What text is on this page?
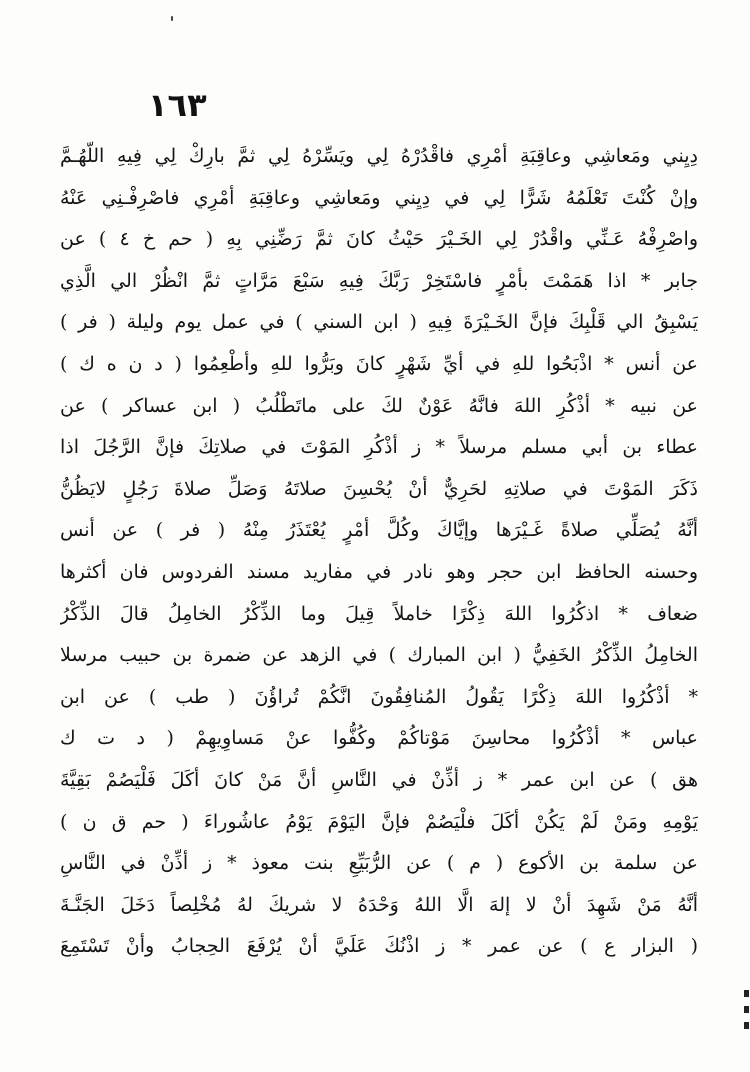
١٦٣
دِيِني ومَعاشِي وعاقِبَةِ أمْرِي فاقْدُرْهُ لِي ويَسِّرْهُ لِي ثمَّ بارِكْ لِي فِيهِ اللّهُـمَّ
وإنْ كُنْتَ تَعْلَمُهُ شَرًّا لِي في دِيِني ومَعاشِي وعاقِبَةِ أمْرِي فاصْرِفْـنِي عَنْهُ
واصْرِفْهُ عَـنِّي واقْدُرْ لِي الخَـيْرَ حَيْثُ كانَ ثمَّ رَضِّنِي بِهِ ( حم خ ٤ ) عن
جابر * اذا هَمَمْتَ بأمْرٍ فاسْتَخِرْ رَبَّكَ فِيهِ سَبْعَ مَرَّاتٍ ثمَّ انْظُرْ الي الَّذِي
يَسْبِقُ الي قَلْبِكَ فإنَّ الخَـيْرَةَ فِيهِ ( ابن السني ) في عمل يوم وليلة ( فر )
عن أنس * اذْبَحُوا للهِ في أيِّ شَهْرٍ كانَ وبَرُّوا للهِ وأطْعِمُوا ( د ن ه ك )
عن نبيه * أذْكُرِ اللهَ فانَّهُ عَوْنٌ لكَ على ماتَطْلُبُ ( ابن عساكر ) عن
عطاء بن أبي مسلم مرسلاً * ز أذْكُرِ المَوْتَ في صلاتِكَ فإنَّ الرَّجُلَ اذا
ذَكَرَ المَوْتَ في صلاتِهِ لحَرِيٌّ أنْ يُحْسِنَ صلاتَهُ وَصَلِّ صلاةَ رَجُلٍ لايَظُنُّ
أنَّهُ يُصَلِّي صلاةً غَـيْرَها وإيَّاكَ وكُلَّ أمْرٍ يُعْتَذَرُ مِنْهُ ( فر ) عن أنس
وحسنه الحافظ ابن حجر وهو نادر في مفاريد مسند الفردوس فان أكثرها
ضعاف * اذكُرُوا اللهَ ذِكْرًا خاملاً قِيلَ وما الذِّكْرُ الخامِلُ قالَ الذِّكْرُ
الخامِلُ الذِّكْرُ الخَفِيُّ ( ابن المبارك ) في الزهد عن ضمرة بن حبيب مرسلا
* أذْكُرُوا اللهَ ذِكْرًا يَقُولُ المُنافِقُونَ انَّكُمْ تُراؤُنَ ( طب ) عن ابن
عباس * أذْكُرُوا محاسِنَ مَوْتاكُمْ وكُفُّوا عنْ مَساوِيهِمْ ( د ت ك
هق ) عن ابن عمر * ز أذِّنْ في النَّاسِ أنَّ مَنْ كانَ أكَلَ فَلْيَصُمْ بَقِيَّةَ
يَوْمِهِ ومَنْ لَمْ يَكُنْ أكَلَ فلْيَصُمْ فإنَّ اليَوْمَ يَوْمُ عاشُوراءَ ( حم ق ن )
عن سلمة بن الأكوع ( م ) عن الرُّبَيِّعِ بنت معوذ * ز أذِّنْ في النَّاسِ
أنَّهُ مَنْ شَهِدَ أنْ لا إلهَ الَّا اللهُ وَحْدَهُ لا شريكَ لهُ مُخْلِصاً دَخَلَ الجَنَّـةَ
( البزار ع ) عن عمر * ز اذْنُكَ عَلَيَّ أنْ يُرْفَعَ الحِجابُ وأنْ تَسْتَمِعَ
